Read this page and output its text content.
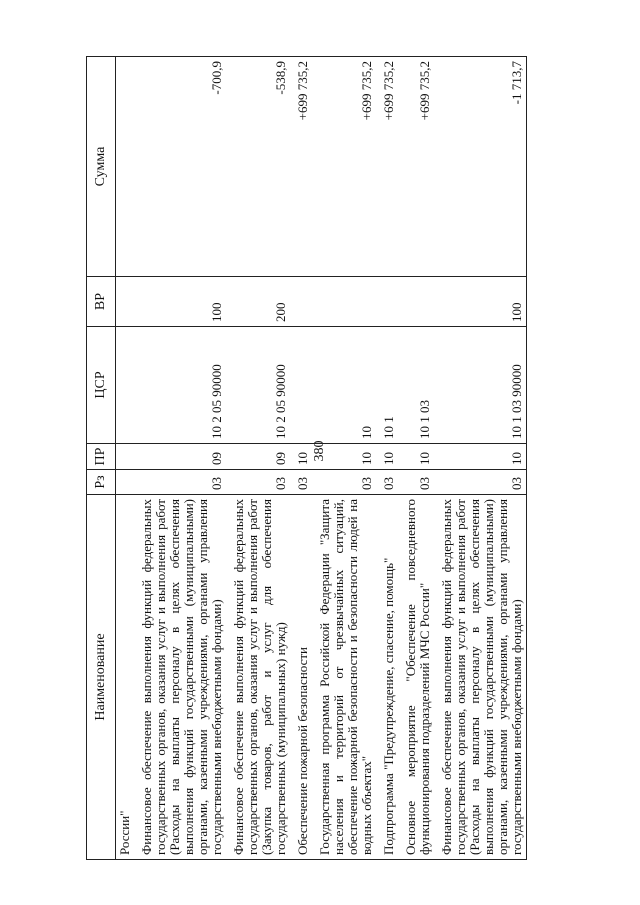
380
Наименование	Рз	ПР	ЦСР	ВР	Сумма
России"					
Финансовое обеспечение выполнения функций федеральных государственных органов, оказания услуг и выполнения работ (Расходы на выплаты персоналу в целях обеспечения выполнения функций государственными (муниципальными) органами, казенными учреждениями, органами управления государственными внебюджетными фондами)	03	09	10 2 05 90000	100	-700,9
Финансовое обеспечение выполнения функций федеральных государственных органов, оказания услуг и выполнения работ (Закупка товаров, работ и услуг для обеспечения государственных (муниципальных) нужд)	03	09	10 2 05 90000	200	-538,9
Обеспечение пожарной безопасности	03	10			+699 735,2
Государственная программа Российской Федерации "Защита населения и территорий от чрезвычайных ситуаций, обеспечение пожарной безопасности и безопасности людей на водных объектах"	03	10	10		+699 735,2
Подпрограмма "Предупреждение, спасение, помощь"	03	10	10 1		+699 735,2
Основное мероприятие "Обеспечение повседневного функционирования подразделений МЧС России"	03	10	10 1 03		+699 735,2
Финансовое обеспечение выполнения функций федеральных государственных органов, оказания услуг и выполнения работ (Расходы на выплаты персоналу в целях обеспечения выполнения функций государственными (муниципальными) органами, казенными учреждениями, органами управления государственными внебюджетными фондами)	03	10	10 1 03 90000	100	-1 713,7
